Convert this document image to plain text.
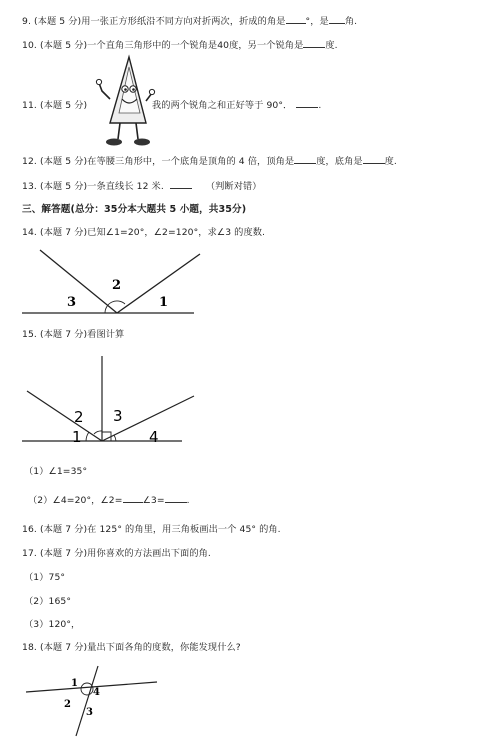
9. (本题 5 分)用一张正方形纸沿不同方向对折两次，折成的角是 °，是 角.
10. (本题 5 分)一个直角三角形中的一个锐角是40度，另一个锐角是 度.
11. (本题 5 分)	我的两个锐角之和正好等于 90°．	.
12. (本题 5 分)在等腰三角形中，一个底角是顶角的 4 倍，顶角是 度，底角是 度.
13. (本题 5 分)一条直线长 12 米.	（判断对错）
三、解答题(总分：35分本大题共 5 小题，共35分)
14. (本题 7 分)已知∠1=20°，∠2=120°，求∠3 的度数.
2
3	1
15. (本题 7 分)看图计算
2 3
1	4
（1）∠1=35°
（2）∠4=20°，∠2= ∠3= .
16. (本题 7 分)在 125° 的角里，用三角板画出一个 45° 的角.
17. (本题 7 分)用你喜欢的方法画出下面的角.
（1）75°
（2）165°
（3）120°，
18. (本题 7 分)量出下面各角的度数，你能发现什么?
1
4
2
3
